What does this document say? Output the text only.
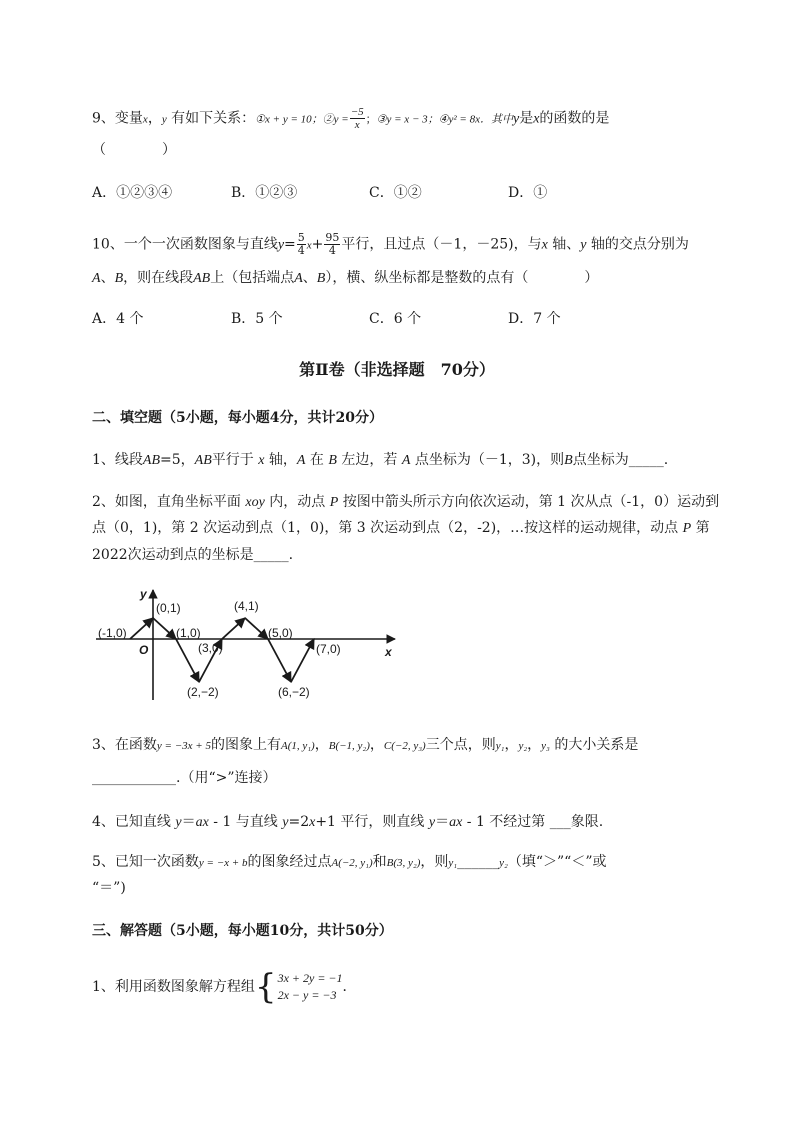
9、变量x，y 有如下关系：①x + y = 10；②y = $\frac{-5}{x}$ ；③y = x − 3；④y² = 8x．其中y是x的函数的是
（　　　　）
A．①②③④	B．①②③	C．①②	D．①
10、一个一次函数图象与直线$y= \frac{5}{4} x+ \frac{95}{4}$ 平行，且过点（－1，－25)，与x 轴、y 轴的交点分别为
A、B，则在线段AB上（包括端点A、B），横、纵坐标都是整数的点有（　　　　）
A．4 个	B．5 个	C．6 个	D．7 个
第Ⅱ卷（非选择题　70分）
二、填空题（5小题，每小题4分，共计20分）
1、线段AB=5，AB平行于 x 轴，A 在 B 左边，若 A 点坐标为（－1，3)，则B点坐标为_____.
2、如图，直角坐标平面 xoy 内，动点 P 按图中箭头所示方向依次运动，第 1 次从点（-1，0）运动到
点（0，1)，第 2 次运动到点（1，0)，第 3 次运动到点（2，-2)，…按这样的运动规律，动点 P 第
2022次运动到点的坐标是_____.
y
x
O
(-1,0)
(0,1)
(1,0)
(2,−2)
(3,0)
(4,1)
(5,0)
(6,−2)
(7,0)
3、在函数y = −3x + 5的图象上有A(1, y₁)，B(−1, y₂)，C(−2, y₃)三个点，则y₁，y₂，y₃ 的大小关系是
____________.（用“>”连接）
4、已知直线 y＝ax - 1 与直线 y=2x+1 平行，则直线 y＝ax - 1 不经过第 ___象限.
5、已知一次函数y = −x + b的图象经过点A(−2, y₁)和B(3, y₂)，则y₁______y₂（填“＞”“＜”或
“＝”)
三、解答题（5小题，每小题10分，共计50分）
1、利用函数图象解方程组{ 3x + 2y = −1
2x − y = −3 ．
